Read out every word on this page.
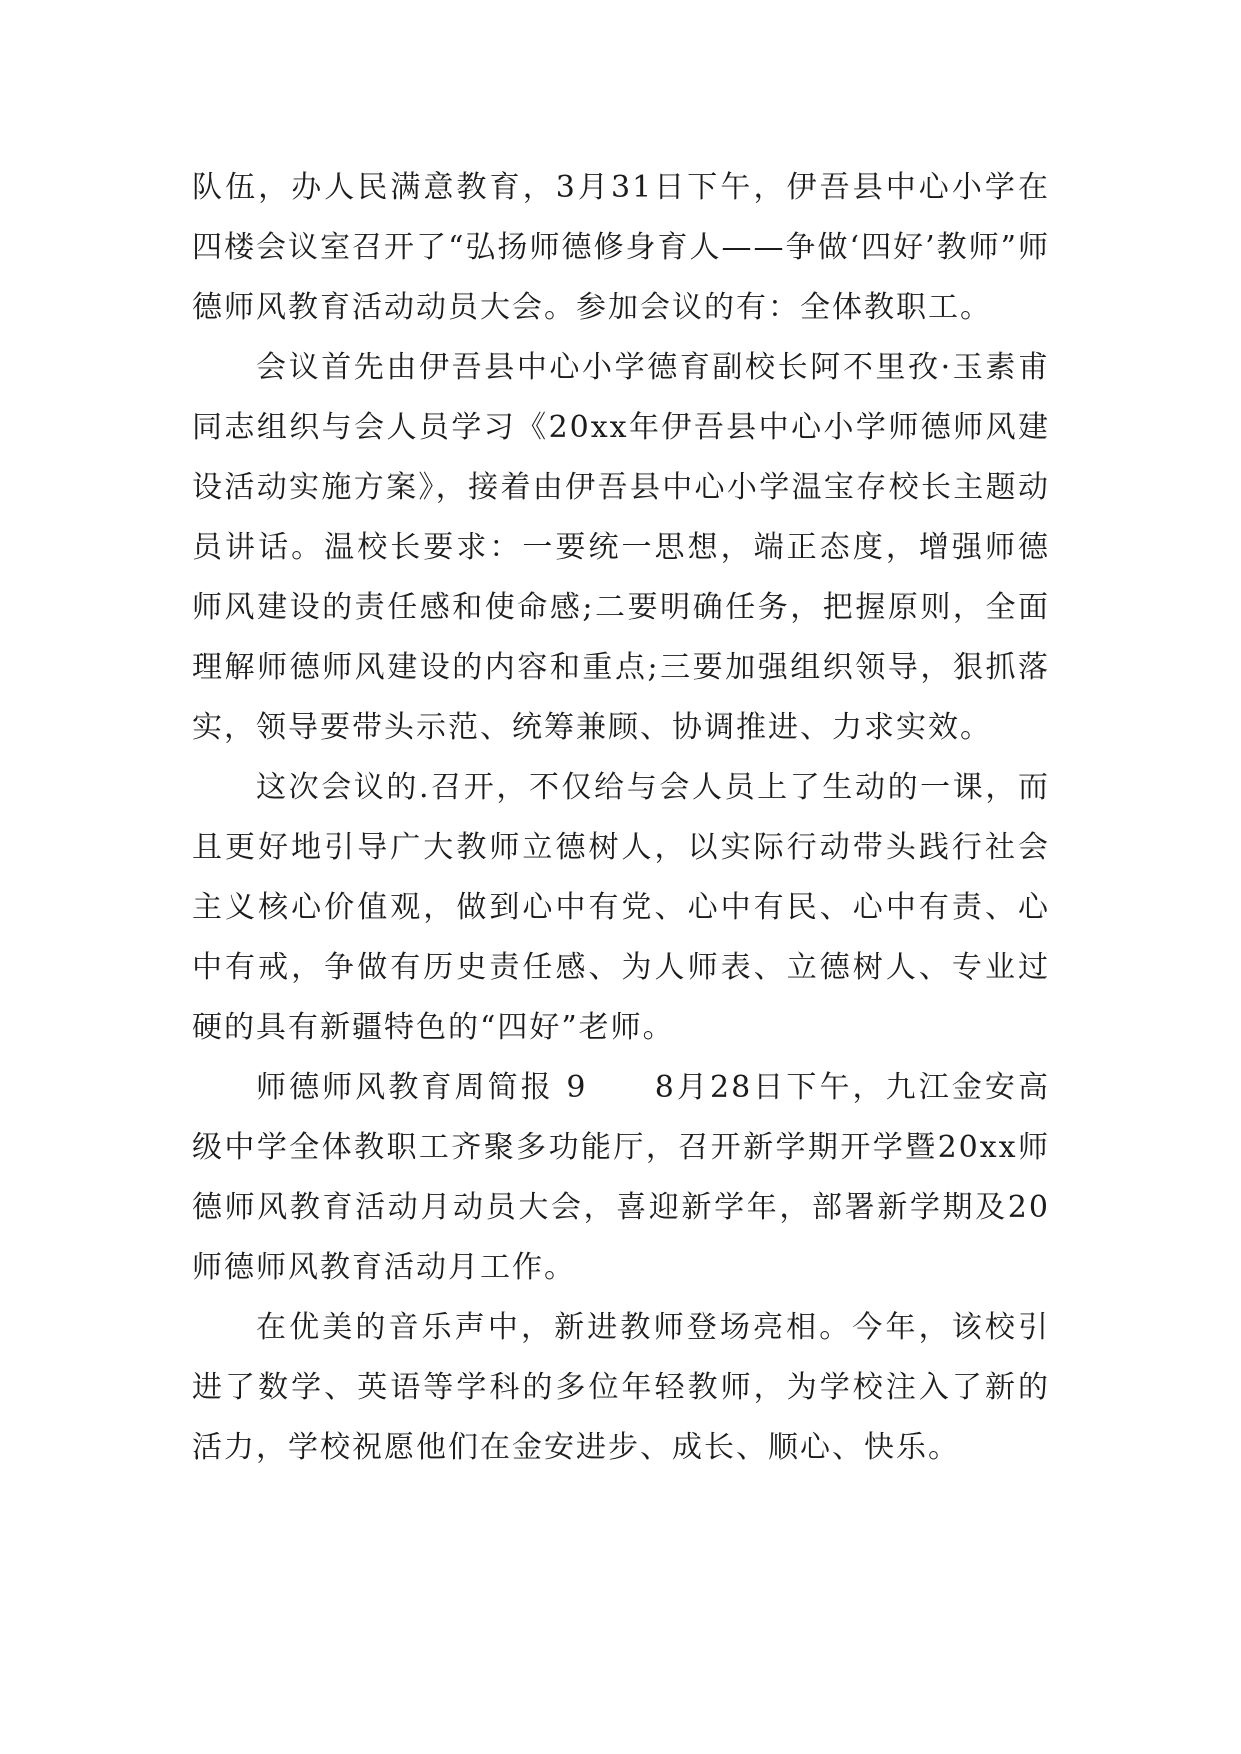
队伍，办人民满意教育，3月31日下午，伊吾县中心小学在四楼会议室召开了“弘扬师德修身育人——争做‘四好’教师”师德师风教育活动动员大会。参加会议的有：全体教职工。

会议首先由伊吾县中心小学德育副校长阿不里孜·玉素甫同志组织与会人员学习《20xx年伊吾县中心小学师德师风建设活动实施方案》，接着由伊吾县中心小学温宝存校长主题动员讲话。温校长要求：一要统一思想，端正态度，增强师德师风建设的责任感和使命感;二要明确任务，把握原则，全面理解师德师风建设的内容和重点;三要加强组织领导，狠抓落实，领导要带头示范、统筹兼顾、协调推进、力求实效。

这次会议的.召开，不仅给与会人员上了生动的一课，而且更好地引导广大教师立德树人，以实际行动带头践行社会主义核心价值观，做到心中有党、心中有民、心中有责、心中有戒，争做有历史责任感、为人师表、立德树人、专业过硬的具有新疆特色的“四好”老师。

师德师风教育周简报 9　　8月28日下午，九江金安高级中学全体教职工齐聚多功能厅，召开新学期开学暨20xx师德师风教育活动月动员大会，喜迎新学年，部署新学期及20师德师风教育活动月工作。

在优美的音乐声中，新进教师登场亮相。今年，该校引进了数学、英语等学科的多位年轻教师，为学校注入了新的活力，学校祝愿他们在金安进步、成长、顺心、快乐。
